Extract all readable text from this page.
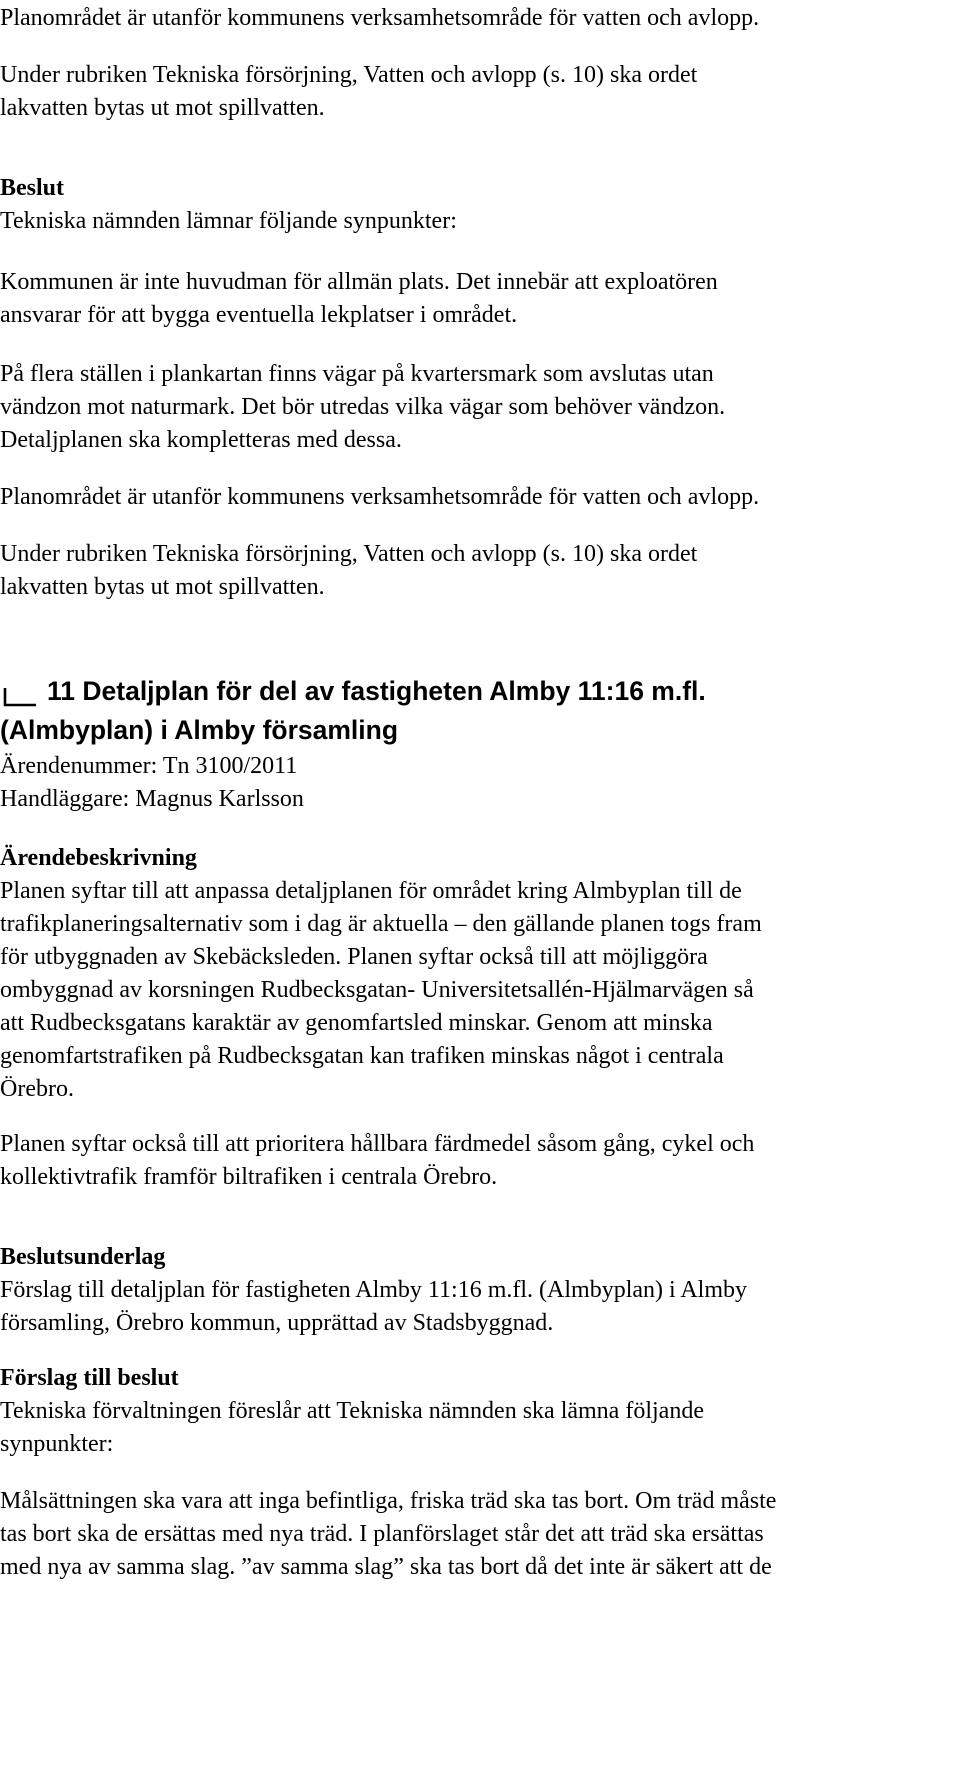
Planområdet är utanför kommunens verksamhetsområde för vatten och avlopp.
Under rubriken Tekniska försörjning, Vatten och avlopp (s. 10) ska ordet
lakvatten bytas ut mot spillvatten.
Beslut
Tekniska nämnden lämnar följande synpunkter:
Kommunen är inte huvudman för allmän plats. Det innebär att exploatören
ansvarar för att bygga eventuella lekplatser i området.
På flera ställen i plankartan finns vägar på kvartersmark som avslutas utan
vändzon mot naturmark. Det bör utredas vilka vägar som behöver vändzon.
Detaljplanen ska kompletteras med dessa.
Planområdet är utanför kommunens verksamhetsområde för vatten och avlopp.
Under rubriken Tekniska försörjning, Vatten och avlopp (s. 10) ska ordet
lakvatten bytas ut mot spillvatten.
11 Detaljplan för del av fastigheten Almby 11:16 m.fl.
(Almbyplan) i Almby församling
Ärendenummer: Tn 3100/2011
Handläggare: Magnus Karlsson
Ärendebeskrivning
Planen syftar till att anpassa detaljplanen för området kring Almbyplan till de
trafikplaneringsalternativ som i dag är aktuella – den gällande planen togs fram
för utbyggnaden av Skebäcksleden. Planen syftar också till att möjliggöra
ombyggnad av korsningen Rudbecksgatan- Universitetsallén-Hjälmarvägen så
att Rudbecksgatans karaktär av genomfartsled minskar. Genom att minska
genomfartstrafiken på Rudbecksgatan kan trafiken minskas något i centrala
Örebro.
Planen syftar också till att prioritera hållbara färdmedel såsom gång, cykel och
kollektivtrafik framför biltrafiken i centrala Örebro.
Beslutsunderlag
Förslag till detaljplan för fastigheten Almby 11:16 m.fl. (Almbyplan) i Almby
församling, Örebro kommun, upprättad av Stadsbyggnad.
Förslag till beslut
Tekniska förvaltningen föreslår att Tekniska nämnden ska lämna följande
synpunkter:
Målsättningen ska vara att inga befintliga, friska träd ska tas bort. Om träd måste
tas bort ska de ersättas med nya träd. I planförslaget står det att träd ska ersättas
med nya av samma slag. ”av samma slag” ska tas bort då det inte är säkert att de
